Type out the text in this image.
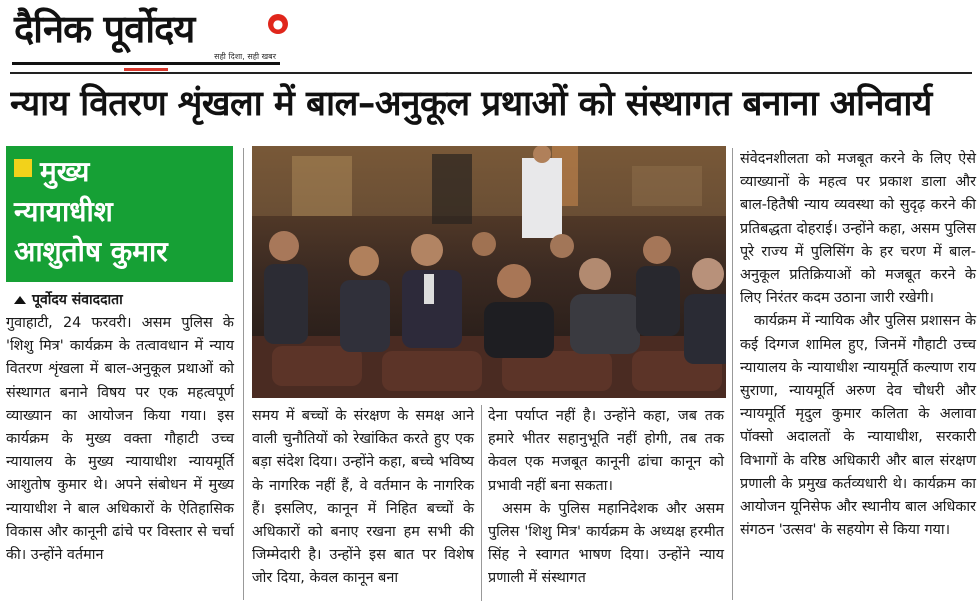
दैनिक पूर्वोदय	●
सही दिशा, सही खबर
न्याय वितरण शृंखला में बाल–अनुकूल प्रथाओं को संस्थागत बनाना अनिवार्य
मुख्य
न्यायाधीश
आशुतोष कुमार
पूर्वोदय संवाददाता

गुवाहाटी, 24 फरवरी। असम पुलिस के 'शिशु मित्र' कार्यक्रम के तत्वावधान में न्याय वितरण शृंखला में बाल-अनुकूल प्रथाओं को संस्थागत बनाने विषय पर एक महत्वपूर्ण व्याख्यान का आयोजन किया गया। इस कार्यक्रम के मुख्य वक्ता गौहाटी उच्च न्यायालय के मुख्य न्यायाधीश न्यायमूर्ति आशुतोष कुमार थे। अपने संबोधन में मुख्य न्यायाधीश ने बाल अधिकारों के ऐतिहासिक विकास और कानूनी ढांचे पर विस्तार से चर्चा की। उन्होंने वर्तमान

समय में बच्चों के संरक्षण के समक्ष आने वाली चुनौतियों को रेखांकित करते हुए एक बड़ा संदेश दिया। उन्होंने कहा, बच्चे भविष्य के नागरिक नहीं हैं, वे वर्तमान के नागरिक हैं। इसलिए, कानून में निहित बच्चों के अधिकारों को बनाए रखना हम सभी की जिम्मेदारी है। उन्होंने इस बात पर विशेष जोर दिया, केवल कानून बना

देना पर्याप्त नहीं है। उन्होंने कहा, जब तक हमारे भीतर सहानुभूति नहीं होगी, तब तक केवल एक मजबूत कानूनी ढांचा कानून को प्रभावी नहीं बना सकता।

असम के पुलिस महानिदेशक और असम पुलिस 'शिशु मित्र' कार्यक्रम के अध्यक्ष हरमीत सिंह ने स्वागत भाषण दिया। उन्होंने न्याय प्रणाली में संस्थागत

संवेदनशीलता को मजबूत करने के लिए ऐसे व्याख्यानों के महत्व पर प्रकाश डाला और बाल-हितैषी न्याय व्यवस्था को सुदृढ़ करने की प्रतिबद्धता दोहराई। उन्होंने कहा, असम पुलिस पूरे राज्य में पुलिसिंग के हर चरण में बाल-अनुकूल प्रतिक्रियाओं को मजबूत करने के लिए निरंतर कदम उठाना जारी रखेगी।

कार्यक्रम में न्यायिक और पुलिस प्रशासन के कई दिग्गज शामिल हुए, जिनमें गौहाटी उच्च न्यायालय के न्यायाधीश न्यायमूर्ति कल्याण राय सुराणा, न्यायमूर्ति अरुण देव चौधरी और न्यायमूर्ति मृदुल कुमार कलिता के अलावा पॉक्सो अदालतों के न्यायाधीश, सरकारी विभागों के वरिष्ठ अधिकारी और बाल संरक्षण प्रणाली के प्रमुख कर्तव्यधारी थे। कार्यक्रम का आयोजन यूनिसेफ और स्थानीय बाल अधिकार संगठन 'उत्सव' के सहयोग से किया गया।
